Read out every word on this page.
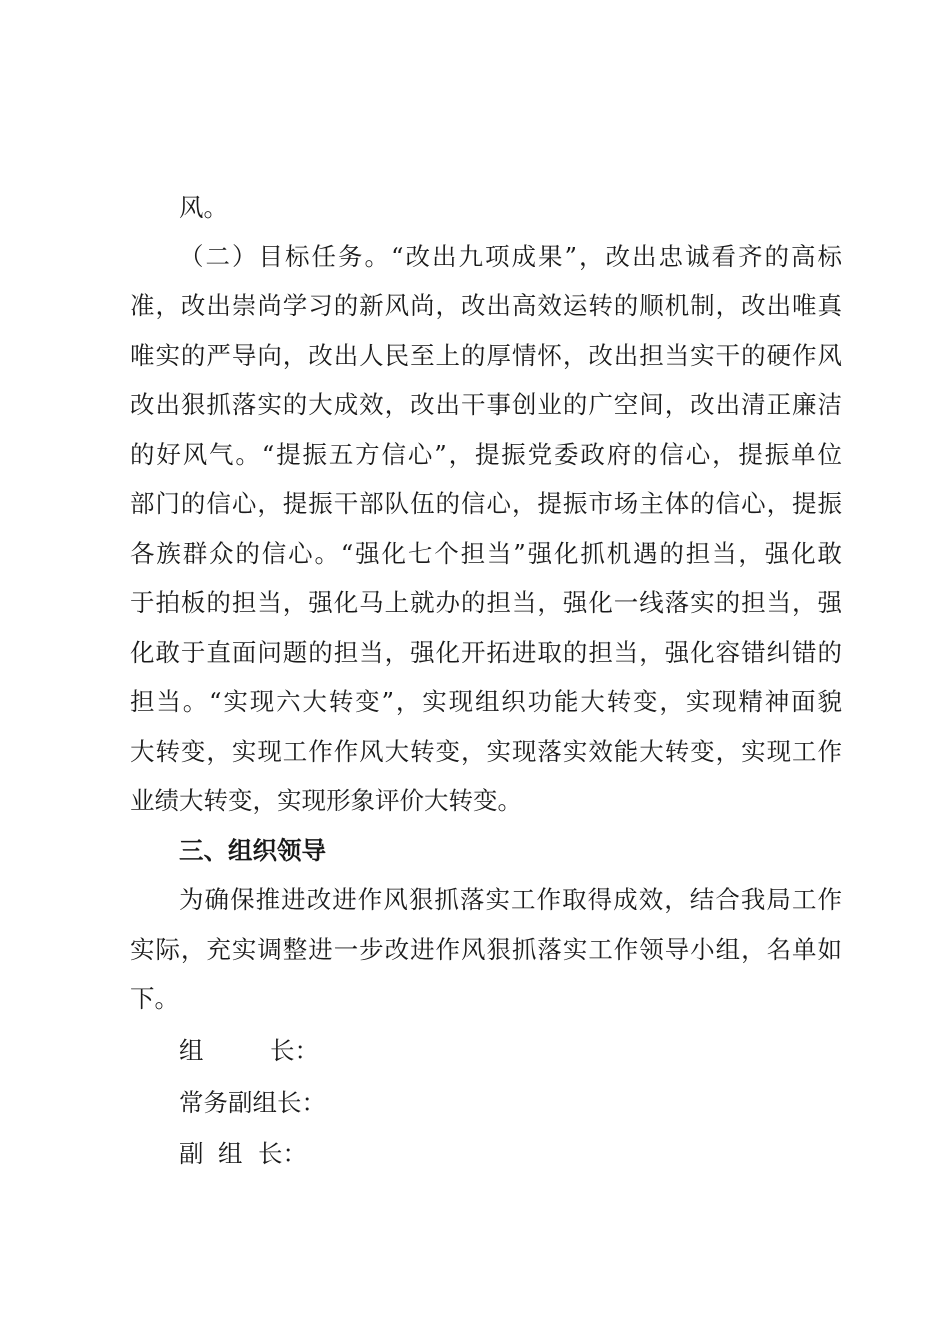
风。
（二）目标任务。“改出九项成果”，改出忠诚看齐的高标
准，改出崇尚学习的新风尚，改出高效运转的顺机制，改出唯真
唯实的严导向，改出人民至上的厚情怀，改出担当实干的硬作风
改出狠抓落实的大成效，改出干事创业的广空间，改出清正廉洁
的好风气。“提振五方信心”，提振党委政府的信心，提振单位
部门的信心，提振干部队伍的信心，提振市场主体的信心，提振
各族群众的信心。“强化七个担当”强化抓机遇的担当，强化敢
于拍板的担当，强化马上就办的担当，强化一线落实的担当，强
化敢于直面问题的担当，强化开拓进取的担当，强化容错纠错的
担当。“实现六大转变”，实现组织功能大转变，实现精神面貌
大转变，实现工作作风大转变，实现落实效能大转变，实现工作
业绩大转变，实现形象评价大转变。
三、组织领导
为确保推进改进作风狠抓落实工作取得成效，结合我局工作
实际，充实调整进一步改进作风狠抓落实工作领导小组，名单如
下。
组	长：
常务副组长：
副 组 长：
